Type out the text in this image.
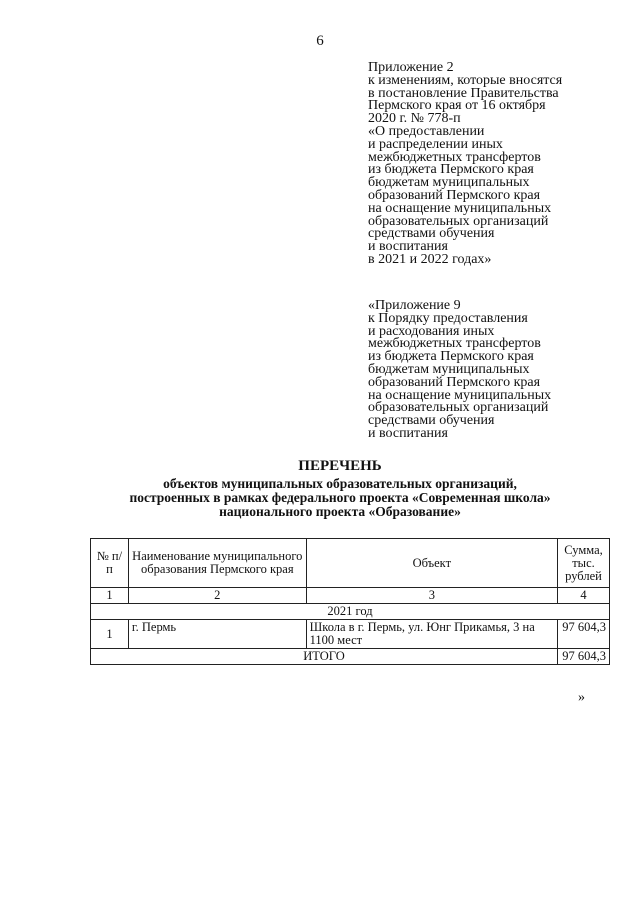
6
Приложение 2
к изменениям, которые вносятся
в постановление Правительства
Пермского края от 16 октября
2020 г. № 778-п
«О предоставлении
и распределении иных
межбюджетных трансфертов
из бюджета Пермского края
бюджетам муниципальных
образований Пермского края
на оснащение муниципальных
образовательных организаций
средствами обучения
и воспитания
в 2021 и 2022 годах»
«Приложение 9
к Порядку предоставления
и расходования иных
межбюджетных трансфертов
из бюджета Пермского края
бюджетам муниципальных
образований Пермского края
на оснащение муниципальных
образовательных организаций
средствами обучения
и воспитания
ПЕРЕЧЕНЬ
объектов муниципальных образовательных организаций,
построенных в рамках федерального проекта «Современная школа»
национального проекта «Образование»
№ п/п	Наименование муниципального образования Пермского края	Объект	Сумма, тыс. рублей
1	2	3	4
2021 год			
1	г. Пермь	Школа в г. Пермь, ул. Юнг Прикамья, 3 на 1100 мест	97 604,3
ИТОГО			97 604,3
»
